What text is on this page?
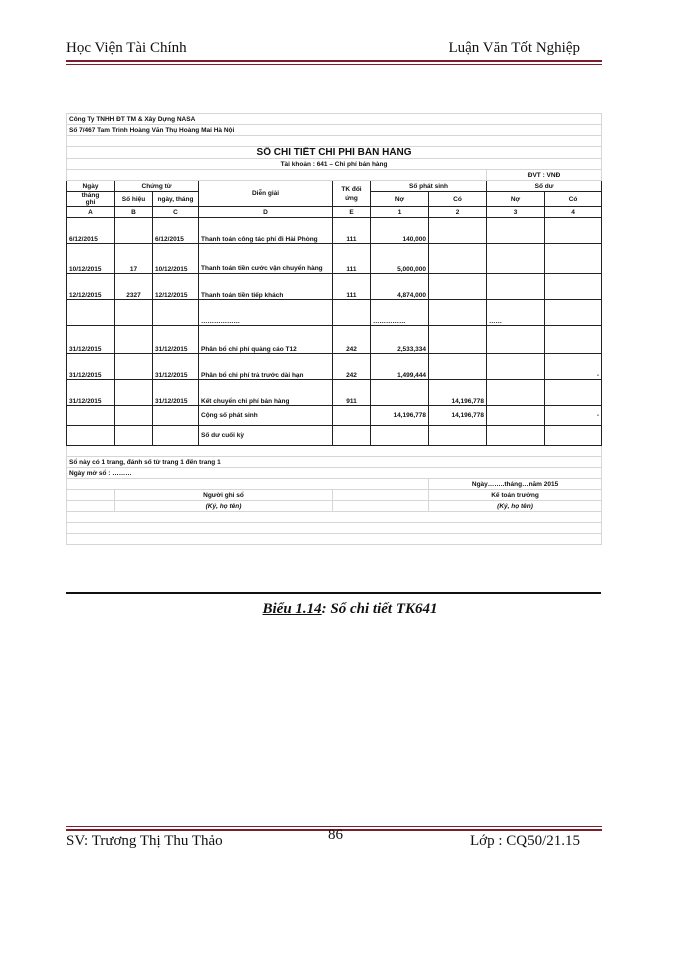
Học Viện Tài Chính	Luận Văn Tốt Nghiệp
Công Ty TNHH ĐT TM & Xây Dựng NASA								
Số 7/467 Tam Trinh Hoàng Văn Thụ Hoàng Mai Hà Nội								

SỔ CHI TIẾT CHI PHÍ BÁN HÀNG								
Tài khoản : 641 – Chi phí bán hàng								
							ĐVT : VNĐ	
Ngày	Chứng từ		Diễn giải	TK đối ứng	Số phát sinh		Số dư	
tháng
ghi	Số hiệu	ngày, tháng			Nợ	Có	Nợ	Có

A	B	C	D	E	1	2	3	4
6/12/2015		6/12/2015	Thanh toán công tác phí đi Hải Phòng	111	140,000			
10/12/2015	17	10/12/2015	Thanh toán tiền cước vận chuyển hàng	111	5,000,000			
12/12/2015	2327	12/12/2015	Thanh toán tiền tiếp khách	111	4,874,000			
			………………		……………		……	
31/12/2015		31/12/2015	Phân bổ chi phí quảng cáo T12	242	2,533,334			
31/12/2015		31/12/2015	Phân bổ chi phí trả trước dài hạn	242	1,499,444			-
31/12/2015		31/12/2015	Kết chuyển chi phí bán hàng	911		14,196,778		
			Cộng số phát sinh		14,196,778	14,196,778		-
			Số dư cuối kỳ					

Sổ này có 1 trang, đánh số từ trang 1 đến trang 1								
Ngày mở sổ : ………								
						Ngày……..tháng…năm 2015		
	Người ghi sổ					Kế toán trưởng		
	(Ký, họ tên)					(Ký, họ tên)		

Biểu 1.14: Sổ chi tiết TK641
SV: Trương Thị Thu Thảo	86	Lớp : CQ50/21.15
